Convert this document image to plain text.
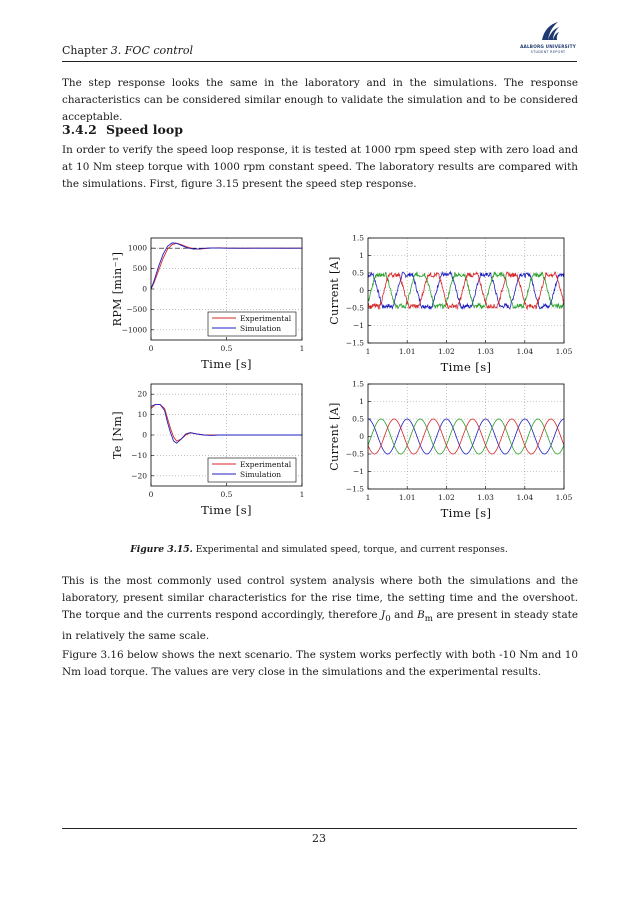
Chapter 3. FOC control	AALBORG UNIVERSITY
STUDENT REPORT
The step response looks the same in the laboratory and in the simulations. The response characteristics can be considered similar enough to validate the simulation and to be considered acceptable.
3.4.2 Speed loop
In order to verify the speed loop response, it is tested at 1000 rpm speed step with zero load and at 10 Nm steep torque with 1000 rpm constant speed. The laboratory results are compared with the simulations. First, figure 3.15 present the speed step response.
0	0.5	1
−1000
−500
0
500
1000
Time [s]
RPM [min⁻¹]	Experimental
Simulation
1	1.01	1.02	1.03	1.04	1.05
−1.5
−1
−0.5
0
0.5
1
1.5
Time [s]
Current [A]
0	0.5	1
−20
−10
0
10
20
Time [s]
Te [Nm]
Experimental
Simulation
1	1.01	1.02	1.03	1.04	1.05
−1.5
−1
−0.5
0
0.5
1
1.5
Time [s]
Current [A]
Figure 3.15. Experimental and simulated speed, torque, and current responses.
This is the most commonly used control system analysis where both the simulations and the laboratory, present similar characteristics for the rise time, the setting time and the overshoot. The torque and the currents respond accordingly, therefore $J_0$ and $B_m$ are present in steady state in relatively the same scale.
Figure 3.16 below shows the next scenario. The system works perfectly with both -10 Nm and 10 Nm load torque. The values are very close in the simulations and the experimental results.
23
